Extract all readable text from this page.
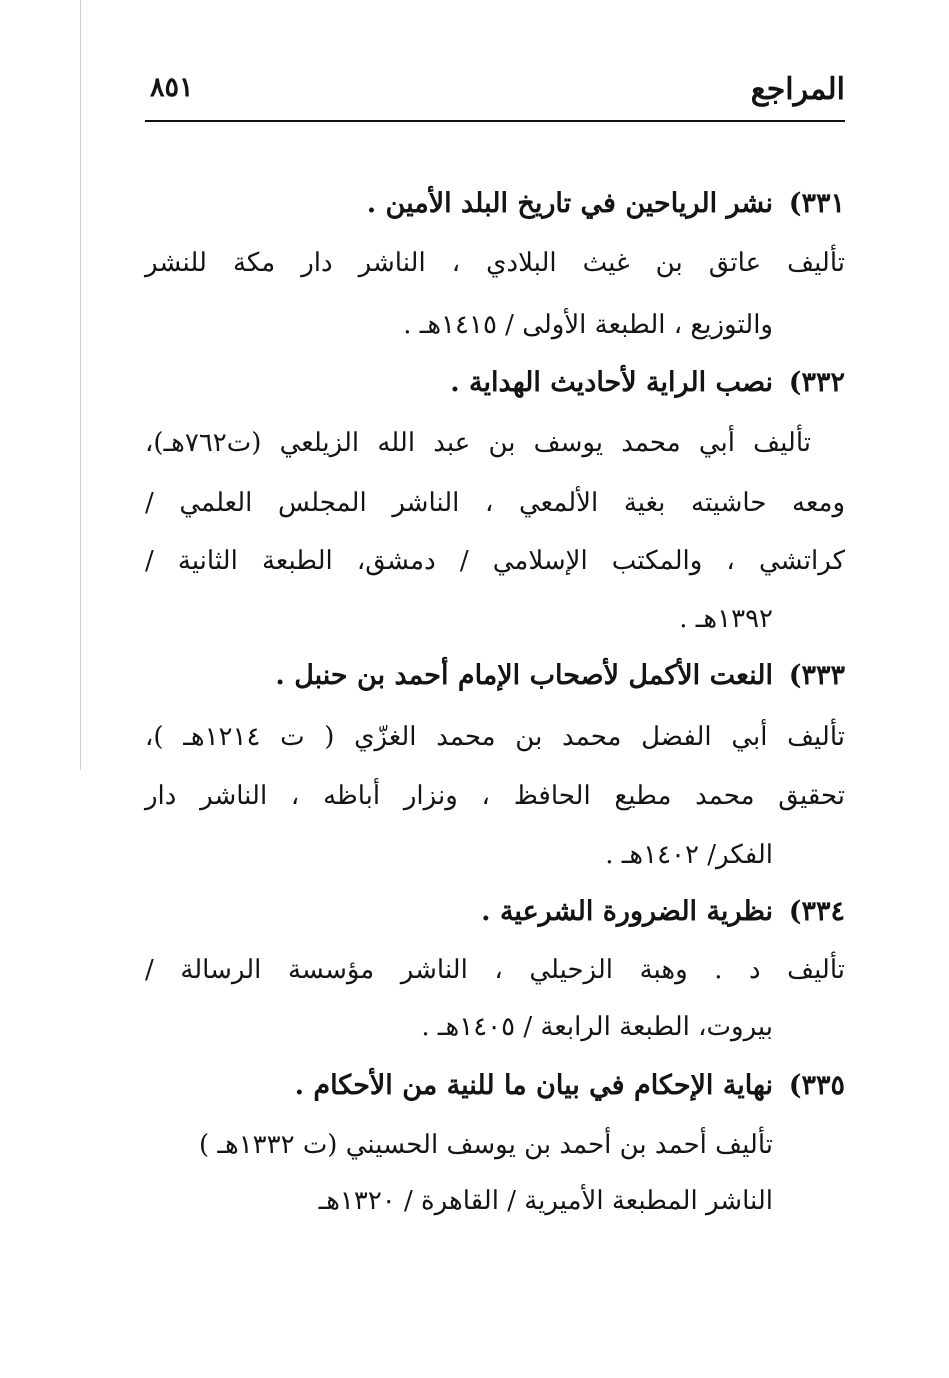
المراجع
٨٥١
٣٣١)
نشر الرياحين في تاريخ البلد الأمين .
تأليف عاتق بن غيث البلادي ، الناشر دار مكة للنشر
والتوزيع ، الطبعة الأولى / ١٤١٥هـ .
٣٣٢)
نصب الراية لأحاديث الهداية .
تأليف أبي محمد يوسف بن عبد الله الزيلعي (ت٧٦٢هـ)،
ومعه حاشيته بغية الألمعي ، الناشر المجلس العلمي /
كراتشي ، والمكتب الإسلامي / دمشق، الطبعة الثانية /
١٣٩٢هـ .
٣٣٣)
النعت الأكمل لأصحاب الإمام أحمد بن حنبل .
تأليف أبي الفضل محمد بن محمد الغزّي ( ت ١٢١٤هـ )،
تحقيق محمد مطيع الحافظ ، ونزار أباظه ، الناشر دار
الفكر/ ١٤٠٢هـ .
٣٣٤)
نظرية الضرورة الشرعية .
تأليف د . وهبة الزحيلي ، الناشر مؤسسة الرسالة /
بيروت، الطبعة الرابعة / ١٤٠٥هـ .
٣٣٥)
نهاية الإحكام في بيان ما للنية من الأحكام .
تأليف أحمد بن أحمد بن يوسف الحسيني (ت ١٣٣٢هـ )
الناشر المطبعة الأميرية / القاهرة / ١٣٢٠هـ
